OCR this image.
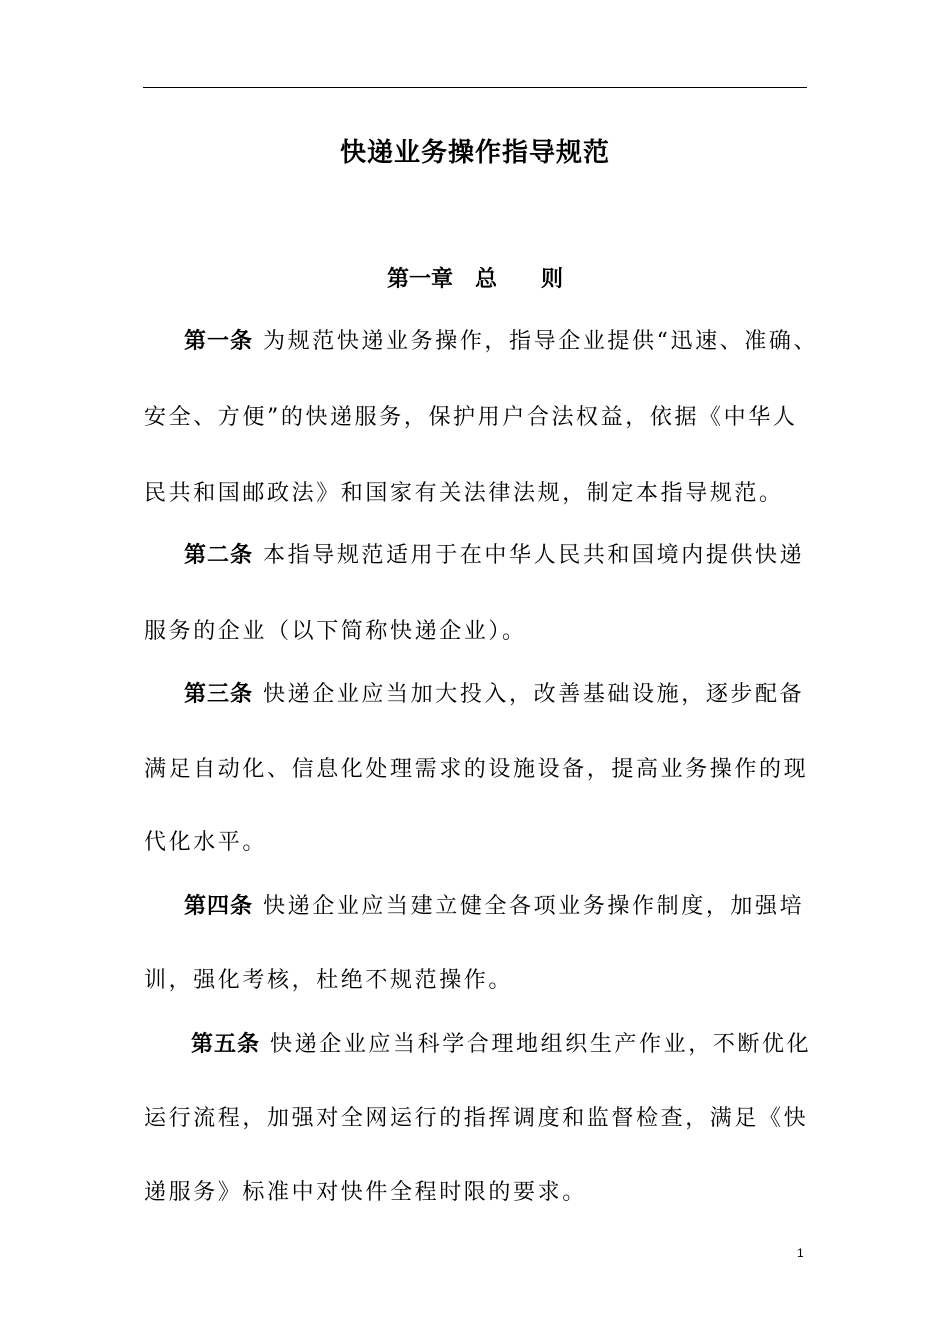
快递业务操作指导规范
第一章　总　　则
第一条 为规范快递业务操作，指导企业提供“迅速、准确、
安全、方便”的快递服务，保护用户合法权益，依据《中华人
民共和国邮政法》和国家有关法律法规，制定本指导规范。
第二条 本指导规范适用于在中华人民共和国境内提供快递
服务的企业（以下简称快递企业）。
第三条 快递企业应当加大投入，改善基础设施，逐步配备
满足自动化、信息化处理需求的设施设备，提高业务操作的现
代化水平。
第四条 快递企业应当建立健全各项业务操作制度，加强培
训，强化考核，杜绝不规范操作。
第五条 快递企业应当科学合理地组织生产作业，不断优化
运行流程，加强对全网运行的指挥调度和监督检查，满足《快
递服务》标准中对快件全程时限的要求。
1
